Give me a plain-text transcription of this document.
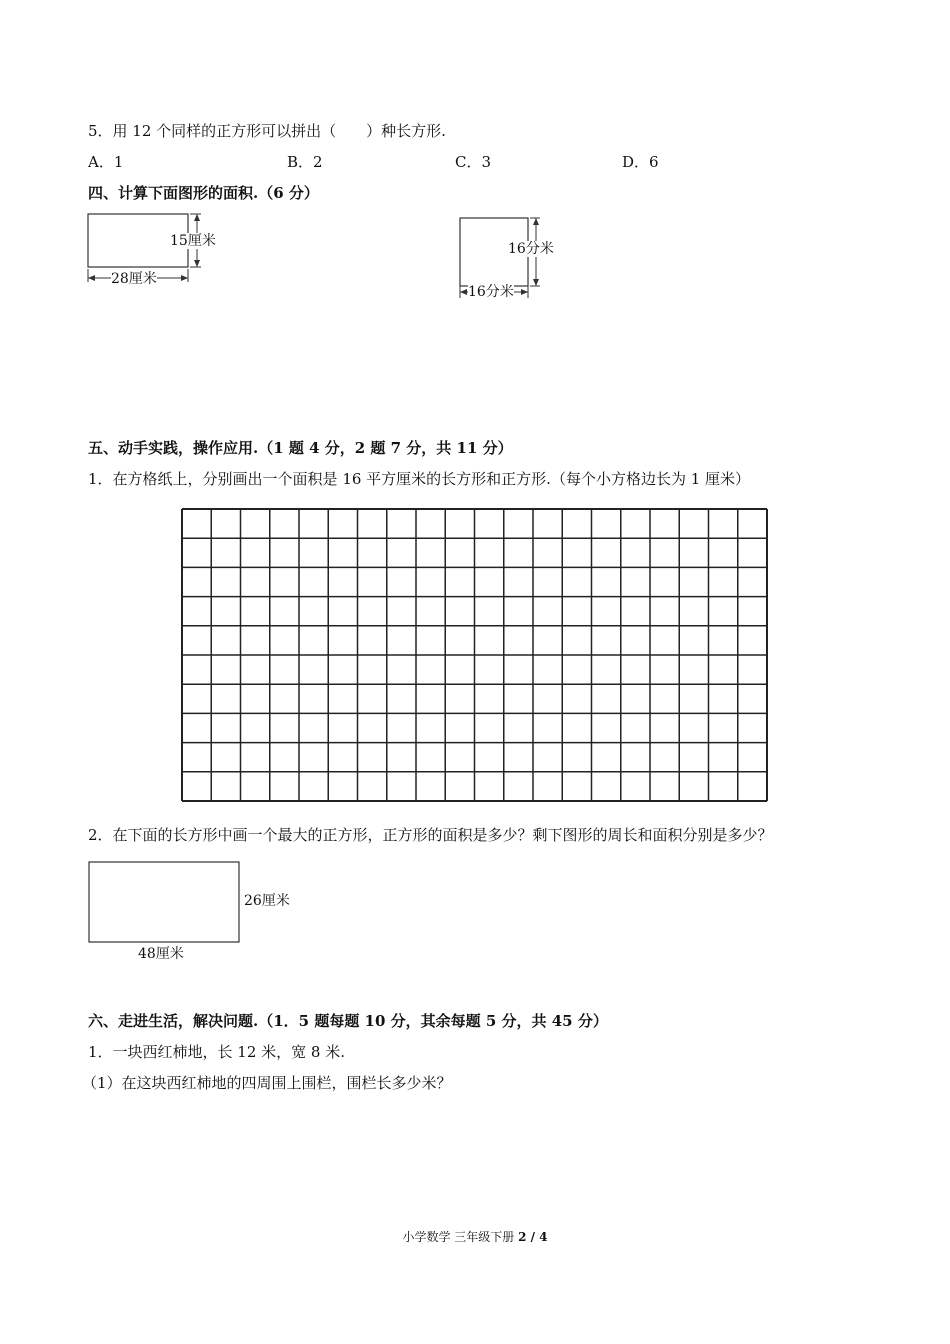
5．用 12 个同样的正方形可以拼出（　　）种长方形.
A．1	B．2	C．3	D．6
四、计算下面图形的面积.（6 分）
15厘米
28厘米
16分米
16分米
五、动手实践，操作应用.（1 题 4 分，2 题 7 分，共 11 分）
1．在方格纸上，分别画出一个面积是 16 平方厘米的长方形和正方形.（每个小方格边长为 1 厘米）
2．在下面的长方形中画一个最大的正方形，正方形的面积是多少？剩下图形的周长和面积分别是多少？
26厘米
48厘米
六、走进生活，解决问题.（1．5 题每题 10 分，其余每题 5 分，共 45 分）
1．一块西红柿地，长 12 米，宽 8 米.
（1）在这块西红柿地的四周围上围栏，围栏长多少米？
小学数学 三年级下册 2 / 4
